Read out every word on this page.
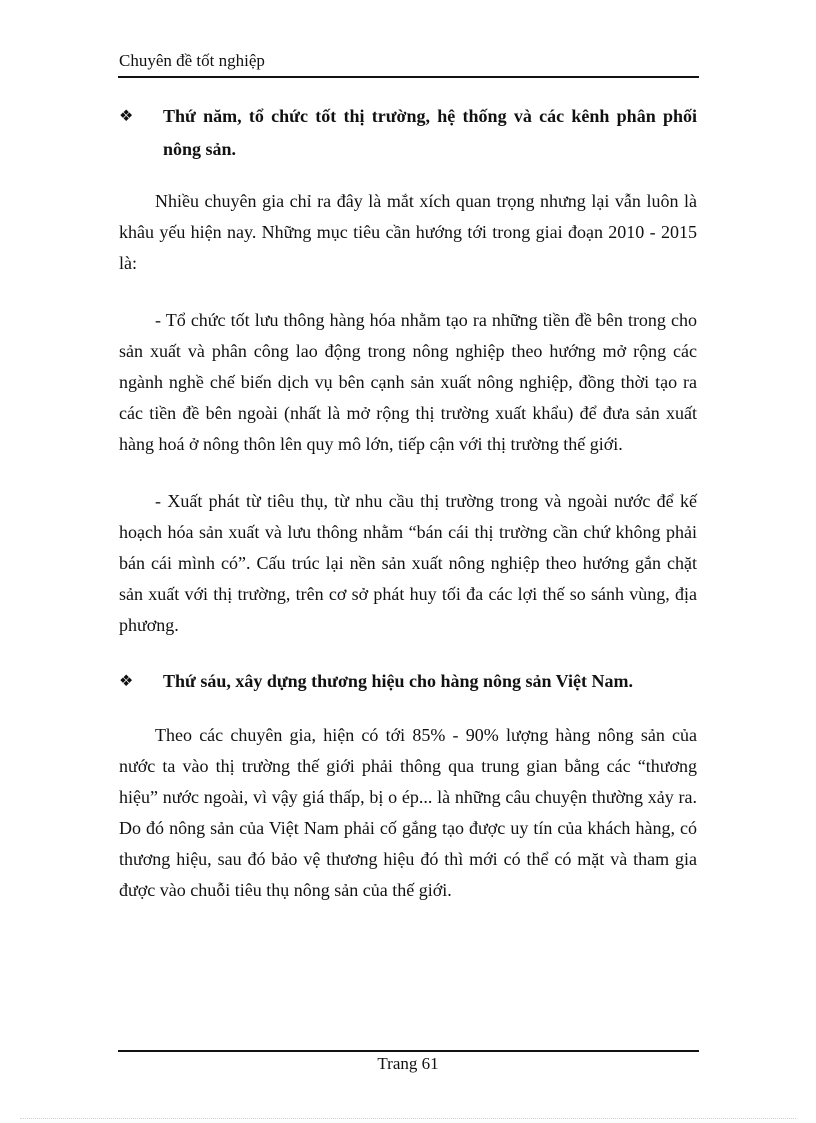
Chuyên đề tốt nghiệp
❖	Thứ năm, tổ chức tốt thị trường, hệ thống và các kênh phân phối nông sản.

Nhiều chuyên gia chỉ ra đây là mắt xích quan trọng nhưng lại vẫn luôn là khâu yếu hiện nay. Những mục tiêu cần hướng tới trong giai đoạn 2010 - 2015 là:

- Tổ chức tốt lưu thông hàng hóa nhằm tạo ra những tiền đề bên trong cho sản xuất và phân công lao động trong nông nghiệp theo hướng mở rộng các ngành nghề chế biến dịch vụ bên cạnh sản xuất nông nghiệp, đồng thời tạo ra các tiền đề bên ngoài (nhất là mở rộng thị trường xuất khẩu) để đưa sản xuất hàng hoá ở nông thôn lên quy mô lớn, tiếp cận với thị trường thế giới.

- Xuất phát từ tiêu thụ, từ nhu cầu thị trường trong và ngoài nước để kế hoạch hóa sản xuất và lưu thông nhằm “bán cái thị trường cần chứ không phải bán cái mình có”. Cấu trúc lại nền sản xuất nông nghiệp theo hướng gắn chặt sản xuất với thị trường, trên cơ sở phát huy tối đa các lợi thế so sánh vùng, địa phương.

❖	Thứ sáu, xây dựng thương hiệu cho hàng nông sản Việt Nam.

Theo các chuyên gia, hiện có tới 85% - 90% lượng hàng nông sản của nước ta vào thị trường thế giới phải thông qua trung gian bằng các “thương hiệu” nước ngoài, vì vậy giá thấp, bị o ép... là những câu chuyện thường xảy ra. Do đó nông sản của Việt Nam phải cố gắng tạo được uy tín của khách hàng, có thương hiệu, sau đó bảo vệ thương hiệu đó thì mới có thể có mặt và tham gia được vào chuỗi tiêu thụ nông sản của thế giới.

Trang 61
